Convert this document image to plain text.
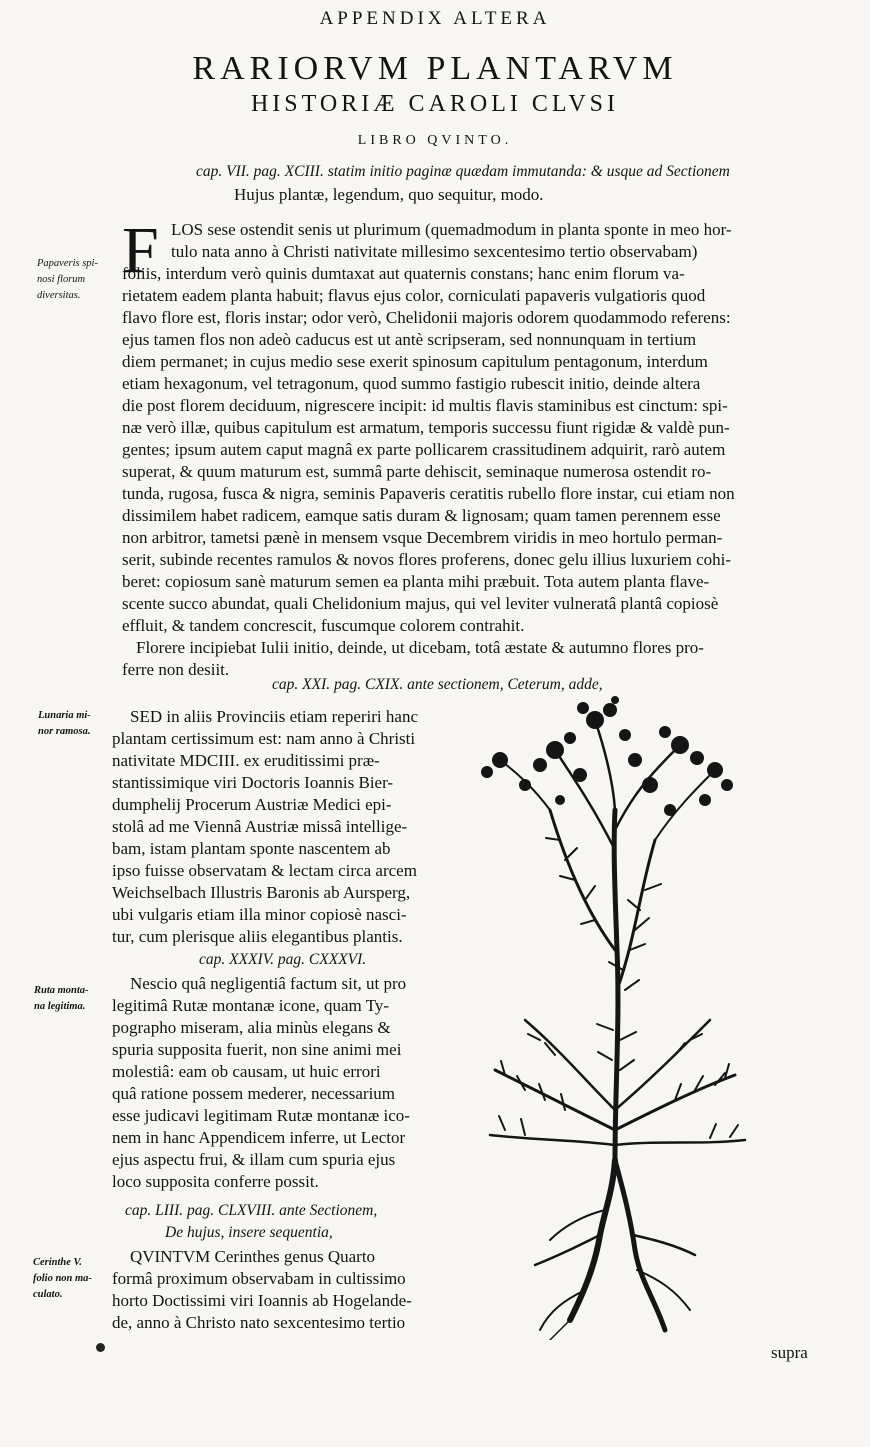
APPENDIX ALTERA
RARIORVM PLANTARVM
HISTORIÆ CAROLI CLVSI
LIBRO QVINTO.
cap. VII. pag. XCIII. statim initio paginæ quædam immutanda: & usque ad Sectionem
Hujus plantæ, legendum, quo sequitur, modo.
Papaveris spi-
nosi florum
diversitas.
F LOS sese ostendit senis ut plurimum (quemadmodum in planta sponte in meo hor-
tulo nata anno à Christi nativitate millesimo sexcentesimo tertio observabam)
foliis, interdum verò quinis dumtaxat aut quaternis constans; hanc enim florum va-
rietatem eadem planta habuit; flavus ejus color, corniculati papaveris vulgatioris quod
flavo flore est, floris instar; odor verò, Chelidonii majoris odorem quodammodo referens:
ejus tamen flos non adeò caducus est ut antè scripseram, sed nonnunquam in tertium
diem permanet; in cujus medio sese exerit spinosum capitulum pentagonum, interdum
etiam hexagonum, vel tetragonum, quod summo fastigio rubescit initio, deinde altera
die post florem deciduum, nigrescere incipit: id multis flavis staminibus est cinctum: spi-
næ verò illæ, quibus capitulum est armatum, temporis successu fiunt rigidæ & valdè pun-
gentes; ipsum autem caput magnâ ex parte pollicarem crassitudinem adquirit, rarò autem
superat, & quum maturum est, summâ parte dehiscit, seminaque numerosa ostendit ro-
tunda, rugosa, fusca & nigra, seminis Papaveris ceratitis rubello flore instar, cui etiam non
dissimilem habet radicem, eamque satis duram & lignosam; quam tamen perennem esse
non arbitror, tametsi pænè in mensem vsque Decembrem viridis in meo hortulo perman-
serit, subinde recentes ramulos & novos flores proferens, donec gelu illius luxuriem cohi-
beret: copiosum sanè maturum semen ea planta mihi præbuit. Tota autem planta flave-
scente succo abundat, quali Chelidonium majus, qui vel leviter vulneratâ plantâ copiosè
effluit, & tandem concrescit, fuscumque colorem contrahit.
Florere incipiebat Iulii initio, deinde, ut dicebam, totâ æstate & autumno flores pro-
ferre non desiit.
cap. XXI. pag. CXIX. ante sectionem, Ceterum, adde,
Lunaria mi-
nor ramosa.
SED in aliis Provinciis etiam reperiri hanc
plantam certissimum est: nam anno à Christi
nativitate MDCIII. ex eruditissimi præ-
stantissimique viri Doctoris Ioannis Bier-
dumphelij Procerum Austriæ Medici epi-
stolâ ad me Viennâ Austriæ missâ intellige-
bam, istam plantam sponte nascentem ab
ipso fuisse observatam & lectam circa arcem
Weichselbach Illustris Baronis ab Aursperg,
ubi vulgaris etiam illa minor copiosè nasci-
tur, cum plerisque aliis elegantibus plantis.
cap. XXXIV. pag. CXXXVI.
Ruta monta-
na legitima.
Nescio quâ negligentiâ factum sit, ut pro
legitimâ Rutæ montanæ icone, quam Ty-
pographo miseram, alia minùs elegans &
spuria supposita fuerit, non sine animi mei
molestiâ: eam ob causam, ut huic errori
quâ ratione possem mederer, necessarium
esse judicavi legitimam Rutæ montanæ ico-
nem in hanc Appendicem inferre, ut Lector
ejus aspectu frui, & illam cum spuria ejus
loco supposita conferre possit.
cap. LIII. pag. CLXVIII. ante Sectionem,
De hujus, insere sequentia,
Cerinthe V.
folio non ma-
culato.
QVINTVM Cerinthes genus Quarto
formâ proximum observabam in cultissimo
horto Doctissimi viri Ioannis ab Hogelande-
de, anno à Christo nato sexcentesimo tertio
supra
